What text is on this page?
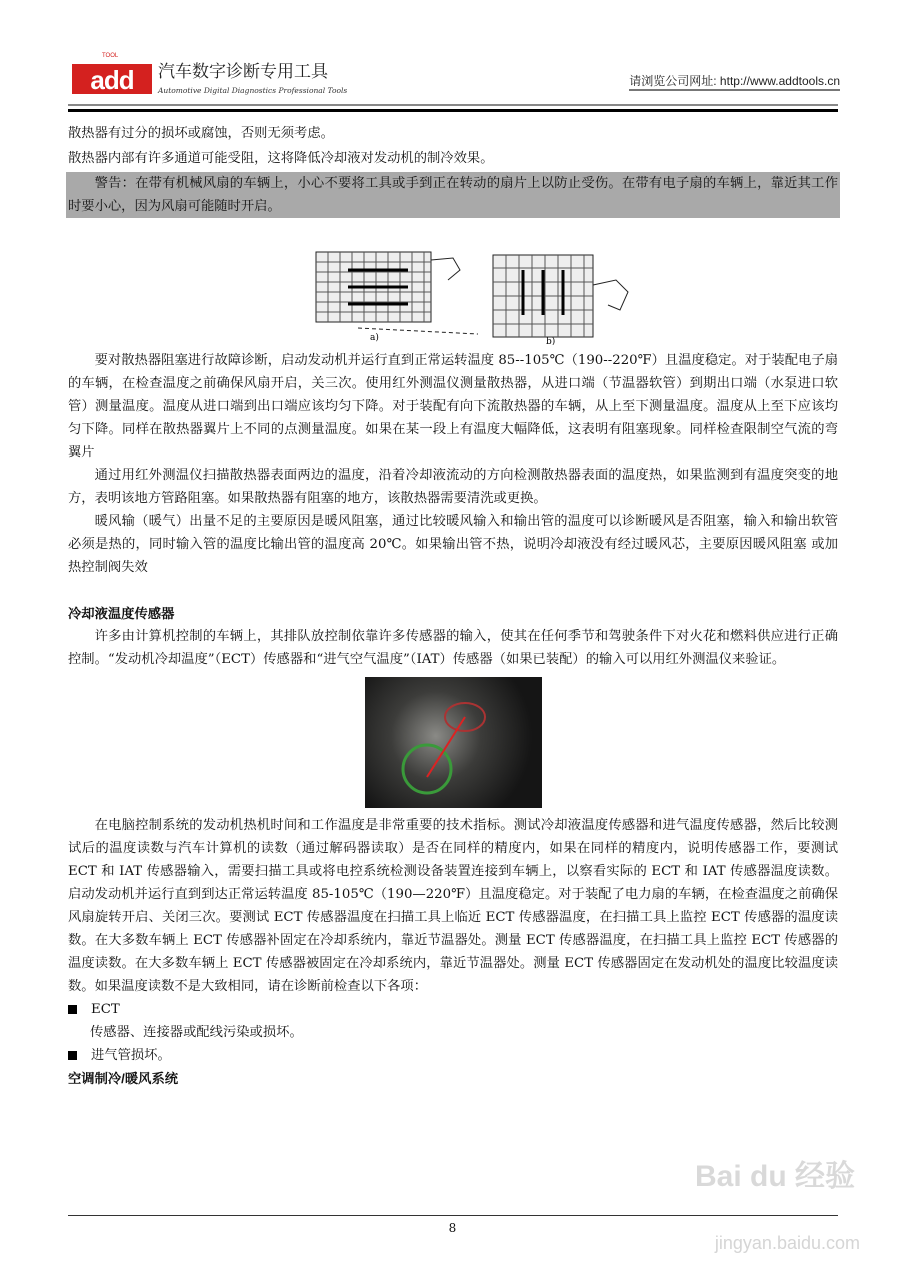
TOOL
add	汽车数字诊断专用工具
Automotive Digital Diagnostics Professional Tools
请浏览公司网址: http://www.addtools.cn
散热器有过分的损坏或腐蚀，否则无须考虑。
散热器内部有许多通道可能受阻，这将降低冷却液对发动机的制冷效果。

警告：在带有机械风扇的车辆上，小心不要将工具或手到正在转动的扇片上以防止受伤。在带有电子扇的车辆上，靠近其工作时要小心，因为风扇可能随时开启。

a)	b)

要对散热器阻塞进行故障诊断，启动发动机并运行直到正常运转温度 85--105℃（190--220℉）且温度稳定。对于装配电子扇的车辆，在检查温度之前确保风扇开启，关三次。使用红外测温仪测量散热器，从进口端（节温器软管）到期出口端（水泵进口软管）测量温度。温度从进口端到出口端应该均匀下降。对于装配有向下流散热器的车辆，从上至下测量温度。温度从上至下应该均匀下降。同样在散热器翼片上不同的点测量温度。如果在某一段上有温度大幅降低，这表明有阻塞现象。同样检查限制空气流的弯翼片

通过用红外测温仪扫描散热器表面两边的温度，沿着冷却液流动的方向检测散热器表面的温度热，如果监测到有温度突变的地方，表明该地方管路阻塞。如果散热器有阻塞的地方，该散热器需要清洗或更换。

暖风输（暖气）出量不足的主要原因是暖风阻塞，通过比较暖风输入和输出管的温度可以诊断暖风是否阻塞，输入和输出软管必须是热的，同时输入管的温度比输出管的温度高 20℃。如果输出管不热，说明冷却液没有经过暖风芯，主要原因暖风阻塞 或加热控制阀失效

冷却液温度传感器

许多由计算机控制的车辆上，其排队放控制依靠许多传感器的输入，使其在任何季节和驾驶条件下对火花和燃料供应进行正确控制。“发动机冷却温度”（ECT）传感器和“进气空气温度”（IAT）传感器（如果已装配）的输入可以用红外测温仪来验证。

在电脑控制系统的发动机热机时间和工作温度是非常重要的技术指标。测试冷却液温度传感器和进气温度传感器，然后比较测试后的温度读数与汽车计算机的读数（通过解码器读取）是否在同样的精度内，如果在同样的精度内，说明传感器工作，要测试 ECT 和 IAT 传感器输入，需要扫描工具或将电控系统检测设备装置连接到车辆上，以察看实际的 ECT 和 IAT 传感器温度读数。启动发动机并运行直到到达正常运转温度 85-105℃（190—220℉）且温度稳定。对于装配了电力扇的车辆，在检查温度之前确保风扇旋转开启、关闭三次。要测试 ECT 传感器温度在扫描工具上临近 ECT 传感器温度，在扫描工具上监控 ECT 传感器的温度读数。在大多数车辆上 ECT 传感器补固定在冷却系统内，靠近节温器处。测量 ECT 传感器温度，在扫描工具上监控 ECT 传感器的温度读数。在大多数车辆上 ECT 传感器被固定在冷却系统内，靠近节温器处。测量 ECT 传感器固定在发动机处的温度比较温度读数。如果温度读数不是大致相同，请在诊断前检查以下各项：

ECT
传感器、连接器或配线污染或损坏。
进气管损坏。
空调制冷/暖风系统
Bai du 经验
jingyan.baidu.com
8
